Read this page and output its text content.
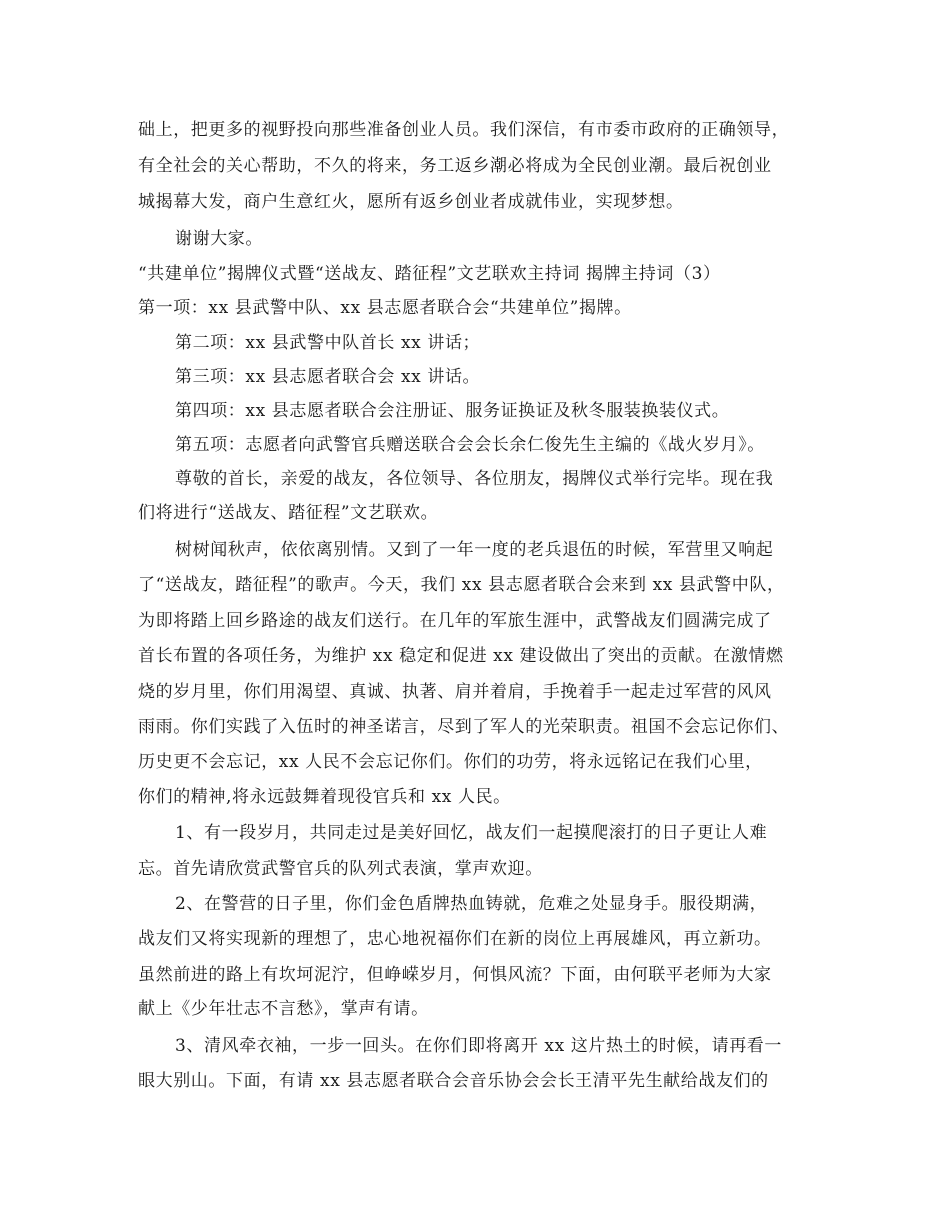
础上，把更多的视野投向那些准备创业人员。我们深信，有市委市政府的正确领导，
有全社会的关心帮助，不久的将来，务工返乡潮必将成为全民创业潮。最后祝创业
城揭幕大发，商户生意红火，愿所有返乡创业者成就伟业，实现梦想。
谢谢大家。
“共建单位”揭牌仪式暨“送战友、踏征程”文艺联欢主持词 揭牌主持词（3）
第一项：xx 县武警中队、xx 县志愿者联合会“共建单位”揭牌。
第二项：xx 县武警中队首长 xx 讲话；
第三项：xx 县志愿者联合会 xx 讲话。
第四项：xx 县志愿者联合会注册证、服务证换证及秋冬服装换装仪式。
第五项：志愿者向武警官兵赠送联合会会长余仁俊先生主编的《战火岁月》。
尊敬的首长，亲爱的战友，各位领导、各位朋友，揭牌仪式举行完毕。现在我
们将进行“送战友、踏征程”文艺联欢。
树树闻秋声，依依离别情。又到了一年一度的老兵退伍的时候，军营里又响起
了“送战友，踏征程”的歌声。今天，我们 xx 县志愿者联合会来到 xx 县武警中队，
为即将踏上回乡路途的战友们送行。在几年的军旅生涯中，武警战友们圆满完成了
首长布置的各项任务，为维护 xx 稳定和促进 xx 建设做出了突出的贡献。在激情燃
烧的岁月里，你们用渴望、真诚、执著、肩并着肩，手挽着手一起走过军营的风风
雨雨。你们实践了入伍时的神圣诺言，尽到了军人的光荣职责。祖国不会忘记你们、
历史更不会忘记，xx 人民不会忘记你们。你们的功劳，将永远铭记在我们心里，
你们的精神,将永远鼓舞着现役官兵和 xx 人民。
1、有一段岁月，共同走过是美好回忆，战友们一起摸爬滚打的日子更让人难
忘。首先请欣赏武警官兵的队列式表演，掌声欢迎。
2、在警营的日子里，你们金色盾牌热血铸就，危难之处显身手。服役期满，
战友们又将实现新的理想了，忠心地祝福你们在新的岗位上再展雄风，再立新功。
虽然前进的路上有坎坷泥泞，但峥嵘岁月，何惧风流？下面，由何联平老师为大家
献上《少年壮志不言愁》，掌声有请。
3、清风牵衣袖，一步一回头。在你们即将离开 xx 这片热土的时候，请再看一
眼大别山。下面，有请 xx 县志愿者联合会音乐协会会长王清平先生献给战友们的
